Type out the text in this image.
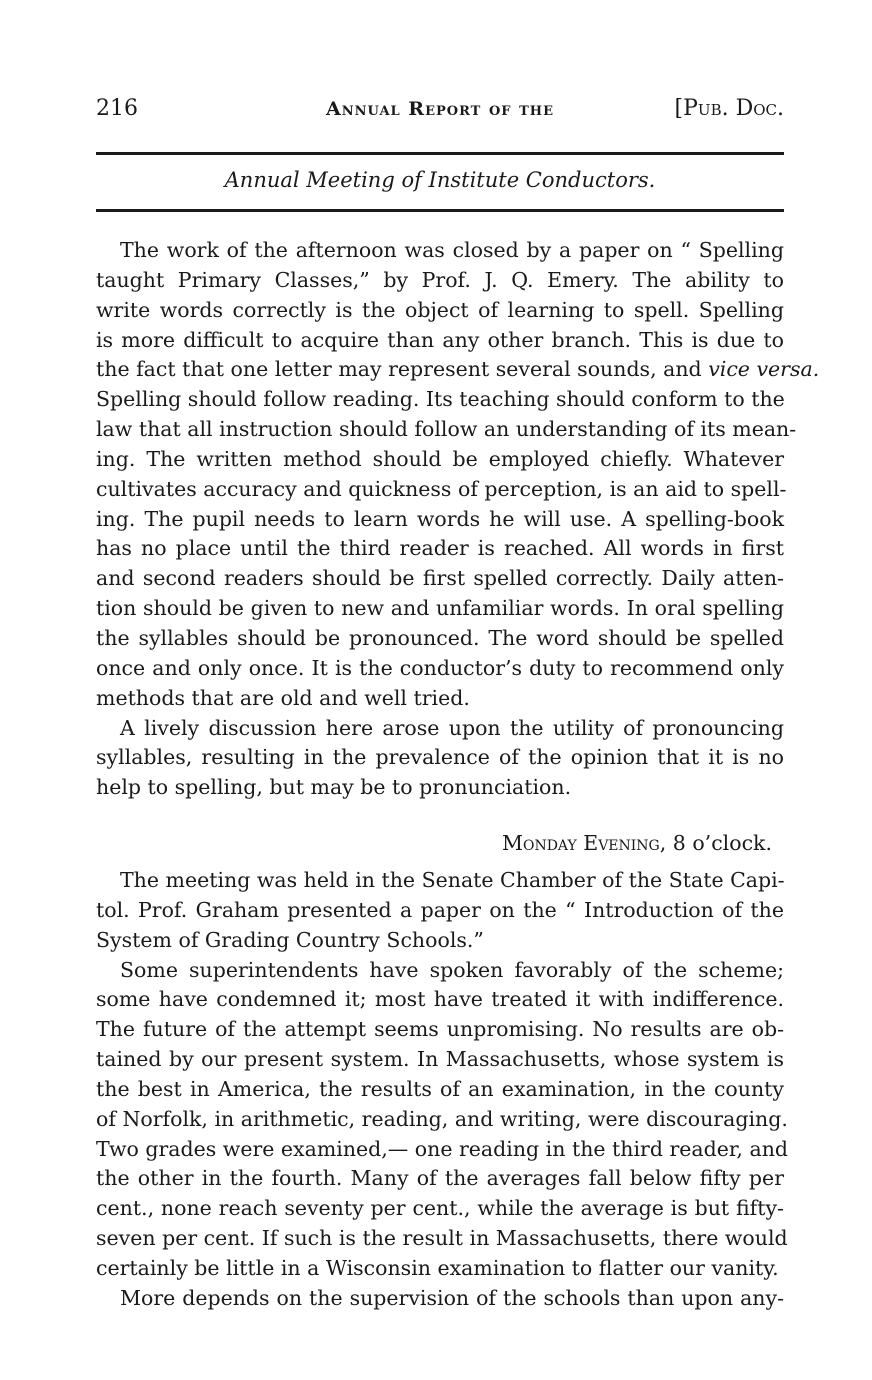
216	Annual Report of the	[Pub. Doc.
Annual Meeting of Institute Conductors.
The work of the afternoon was closed by a paper on “ Spelling
taught Primary Classes,” by Prof. J. Q. Emery. The ability to
write words correctly is the object of learning to spell. Spelling
is more difficult to acquire than any other branch. This is due to
the fact that one letter may represent several sounds, and vice versa.
Spelling should follow reading. Its teaching should conform to the
law that all instruction should follow an understanding of its mean-
ing. The written method should be employed chiefly. Whatever
cultivates accuracy and quickness of perception, is an aid to spell-
ing. The pupil needs to learn words he will use. A spelling-book
has no place until the third reader is reached. All words in first
and second readers should be first spelled correctly. Daily atten-
tion should be given to new and unfamiliar words. In oral spelling
the syllables should be pronounced. The word should be spelled
once and only once. It is the conductor’s duty to recommend only
methods that are old and well tried.
A lively discussion here arose upon the utility of pronouncing
syllables, resulting in the prevalence of the opinion that it is no
help to spelling, but may be to pronunciation.
Monday Evening, 8 o’clock.
The meeting was held in the Senate Chamber of the State Capi-
tol. Prof. Graham presented a paper on the “ Introduction of the
System of Grading Country Schools.”
Some superintendents have spoken favorably of the scheme;
some have condemned it; most have treated it with indifference.
The future of the attempt seems unpromising. No results are ob-
tained by our present system. In Massachusetts, whose system is
the best in America, the results of an examination, in the county
of Norfolk, in arithmetic, reading, and writing, were discouraging.
Two grades were examined,— one reading in the third reader, and
the other in the fourth. Many of the averages fall below fifty per
cent., none reach seventy per cent., while the average is but fifty-
seven per cent. If such is the result in Massachusetts, there would
certainly be little in a Wisconsin examination to flatter our vanity.
More depends on the supervision of the schools than upon any-
